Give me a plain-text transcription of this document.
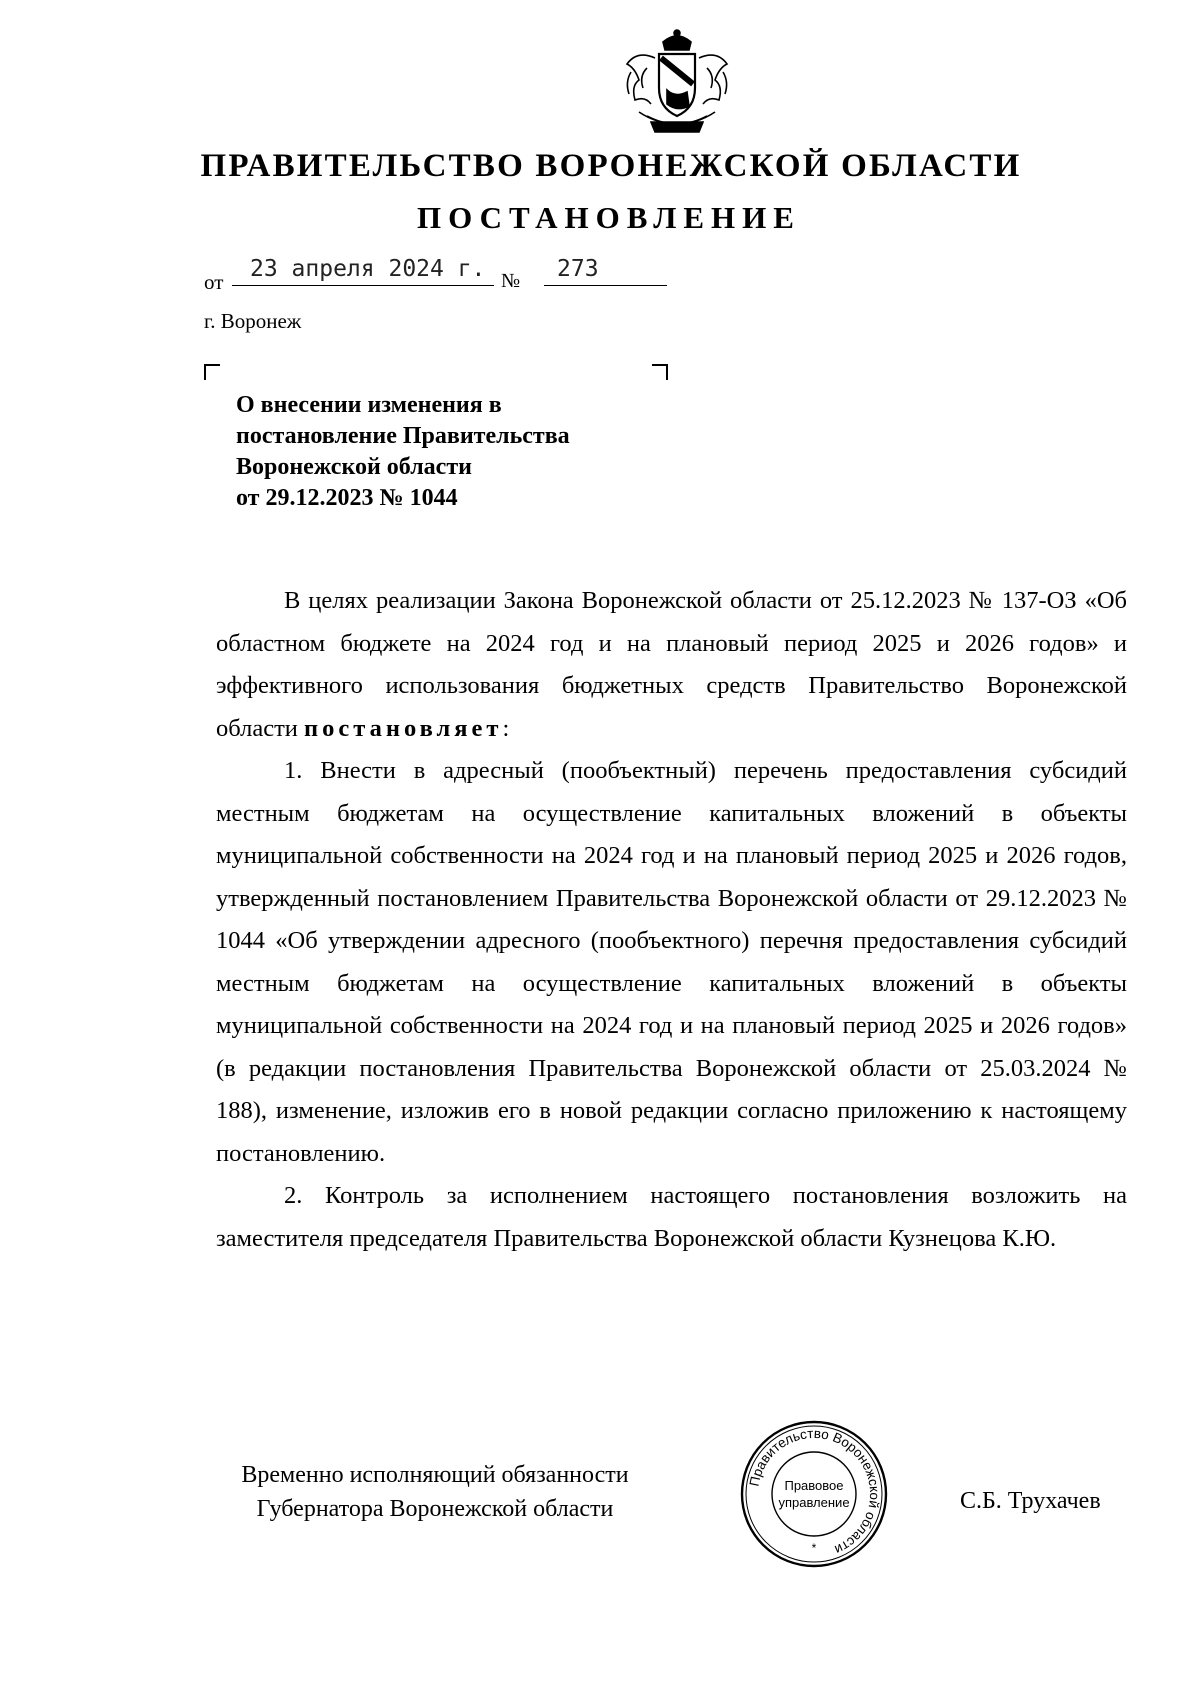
ПРАВИТЕЛЬСТВО ВОРОНЕЖСКОЙ ОБЛАСТИ
ПОСТАНОВЛЕНИЕ
от 23 апреля 2024 г. № 273
г. Воронеж
О внесении изменения в
постановление Правительства
Воронежской области
от 29.12.2023 № 1044

В целях реализации Закона Воронежской области от 25.12.2023 № 137-ОЗ «Об областном бюджете на 2024 год и на плановый период 2025 и 2026 годов» и эффективного использования бюджетных средств Правительство Воронежской области постановляет:

1. Внести в адресный (пообъектный) перечень предоставления субсидий местным бюджетам на осуществление капитальных вложений в объекты муниципальной собственности на 2024 год и на плановый период 2025 и 2026 годов, утвержденный постановлением Правительства Воронежской области от 29.12.2023 № 1044 «Об утверждении адресного (пообъектного) перечня предоставления субсидий местным бюджетам на осуществление капитальных вложений в объекты муниципальной собственности на 2024 год и на плановый период 2025 и 2026 годов» (в редакции постановления Правительства Воронежской области от 25.03.2024 № 188), изменение, изложив его в новой редакции согласно приложению к настоящему постановлению.

2. Контроль за исполнением настоящего постановления возложить на заместителя председателя Правительства Воронежской области Кузнецова К.Ю.

Временно исполняющий обязанности
Губернатора Воронежской области
Правительство Воронежской области
Правовое
управление
*
С.Б. Трухачев
